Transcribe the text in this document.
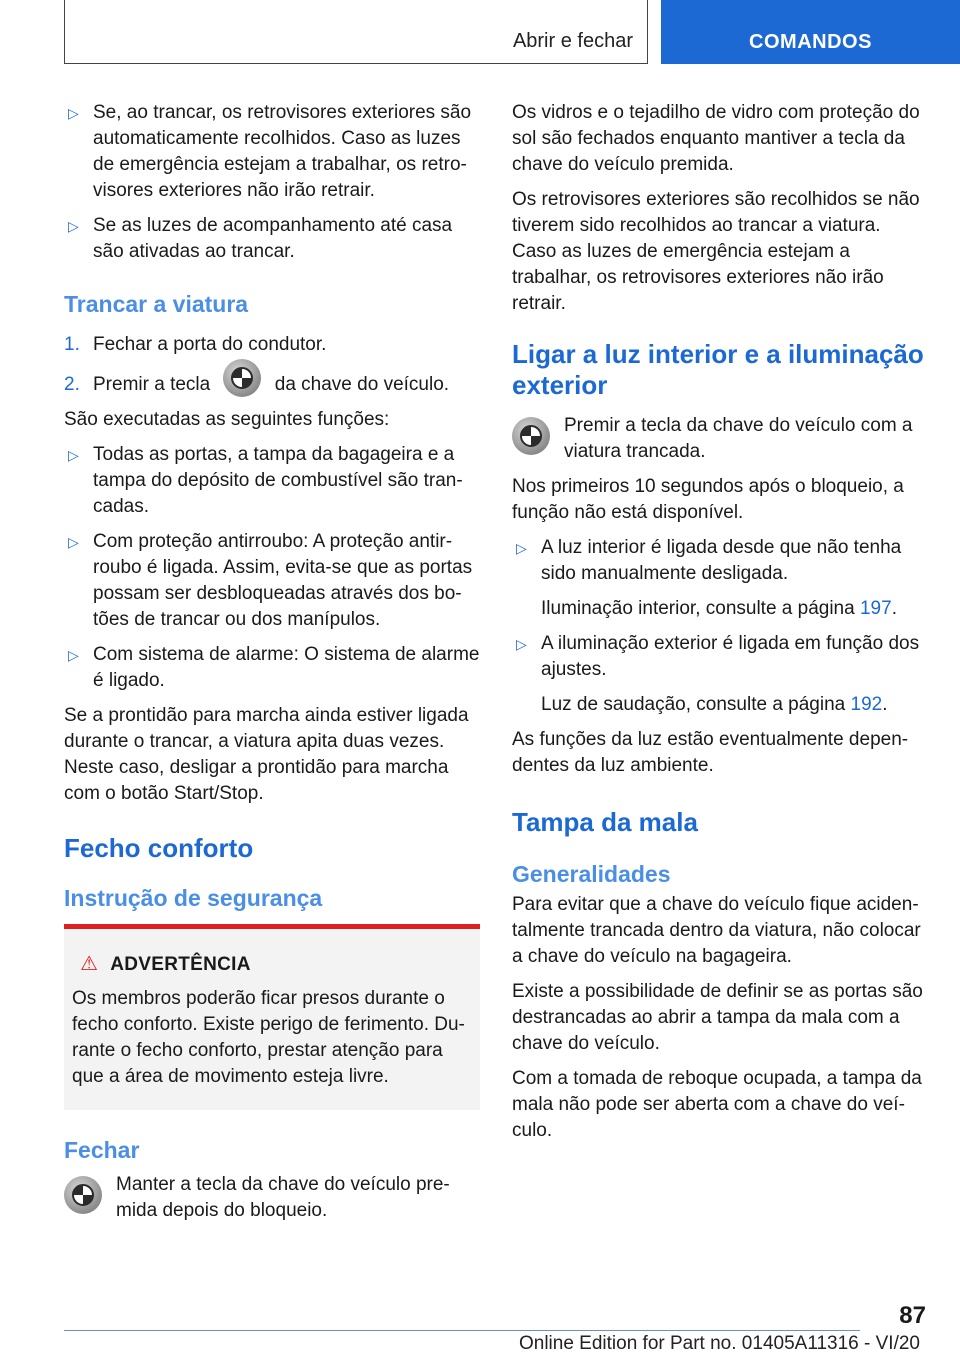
Abrir e fechar	COMANDOS
▷ Se, ao trancar, os retrovisores exteriores são automaticamente recolhidos. Caso as luzes de emergência estejam a trabalhar, os retro‐visores exteriores não irão retrair.
▷ Se as luzes de acompanhamento até casa são ativadas ao trancar.
Trancar a viatura
1. Fechar a porta do condutor.
2. Premir a tecla	da chave do veículo.

São executadas as seguintes funções:

▷ Todas as portas, a tampa da bagageira e a tampa do depósito de combustível são tran‐cadas.
▷ Com proteção antirroubo: A proteção antir‐roubo é ligada. Assim, evita-se que as portas possam ser desbloqueadas através dos bo‐tões de trancar ou dos manípulos.
▷ Com sistema de alarme: O sistema de alarme é ligado.

Se a prontidão para marcha ainda estiver ligada durante o trancar, a viatura apita duas vezes. Neste caso, desligar a prontidão para marcha com o botão Start/Stop.

Fecho conforto
Instrução de segurança
⚠ ADVERTÊNCIA

Os membros poderão ficar presos durante o fecho conforto. Existe perigo de ferimento. Du‐rante o fecho conforto, prestar atenção para que a área de movimento esteja livre.

Fechar
Manter a tecla da chave do veículo pre‐mida depois do bloqueio.

Os vidros e o tejadilho de vidro com proteção do sol são fechados enquanto mantiver a tecla da chave do veículo premida.

Os retrovisores exteriores são recolhidos se não tiverem sido recolhidos ao trancar a viatura. Caso as luzes de emergência estejam a trabalhar, os retrovisores exteriores não irão retrair.

Ligar a luz interior e a iluminação exterior
Premir a tecla da chave do veículo com a viatura trancada.

Nos primeiros 10 segundos após o bloqueio, a função não está disponível.

▷ A luz interior é ligada desde que não tenha sido manualmente desligada.
Iluminação interior, consulte a página 197.
▷ A iluminação exterior é ligada em função dos ajustes.
Luz de saudação, consulte a página 192.

As funções da luz estão eventualmente depen‐dentes da luz ambiente.

Tampa da mala
Generalidades

Para evitar que a chave do veículo fique aciden‐talmente trancada dentro da viatura, não colocar a chave do veículo na bagageira.

Existe a possibilidade de definir se as portas são destrancadas ao abrir a tampa da mala com a chave do veículo.

Com a tomada de reboque ocupada, a tampa da mala não pode ser aberta com a chave do veí‐culo.

87
Online Edition for Part no. 01405A11316 - VI/20
